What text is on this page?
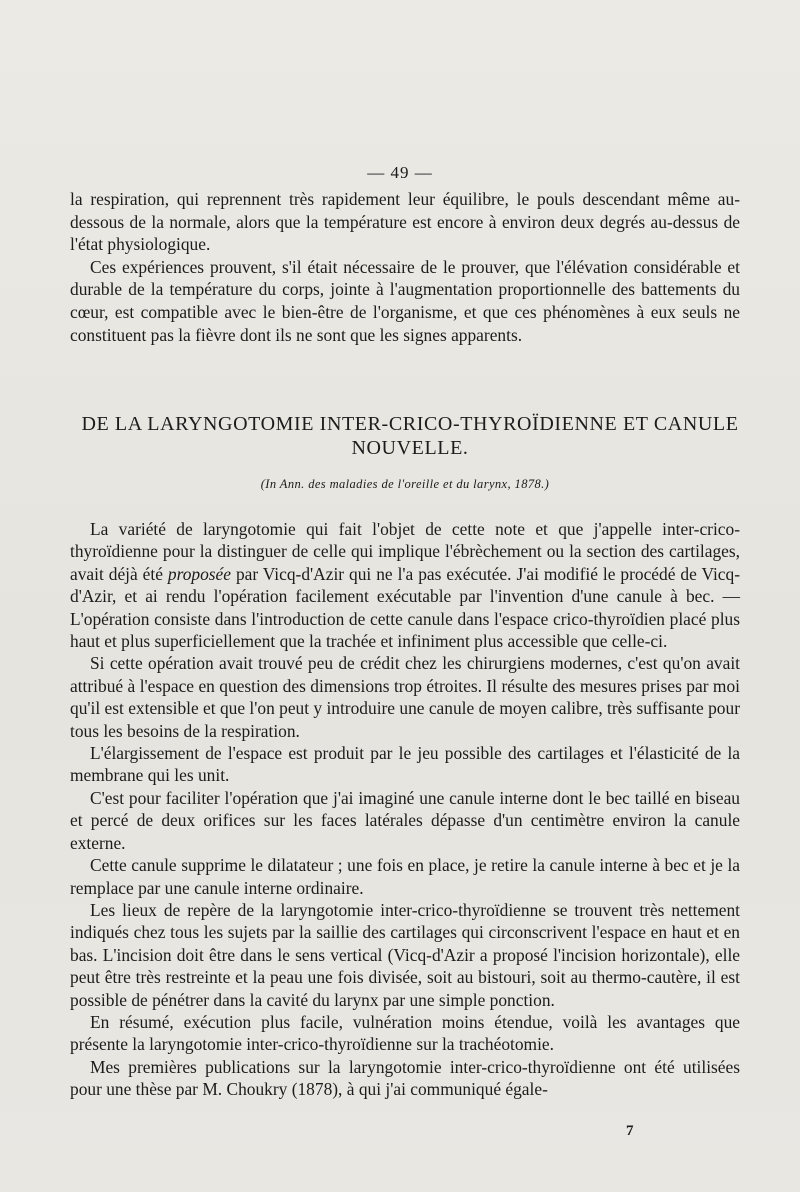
— 49 —

la respiration, qui reprennent très rapidement leur équilibre, le pouls descendant même au-dessous de la normale, alors que la température est encore à environ deux degrés au-dessus de l'état physiologique.

Ces expériences prouvent, s'il était nécessaire de le prouver, que l'élévation considérable et durable de la température du corps, jointe à l'augmentation proportionnelle des battements du cœur, est compatible avec le bien-être de l'organisme, et que ces phénomènes à eux seuls ne constituent pas la fièvre dont ils ne sont que les signes apparents.

DE LA LARYNGOTOMIE INTER-CRICO-THYROÏDIENNE ET CANULE NOUVELLE.
(In Ann. des maladies de l'oreille et du larynx, 1878.)

La variété de laryngotomie qui fait l'objet de cette note et que j'appelle inter-crico-thyroïdienne pour la distinguer de celle qui implique l'ébrèchement ou la section des cartilages, avait déjà été proposée par Vicq-d'Azir qui ne l'a pas exécutée. J'ai modifié le procédé de Vicq-d'Azir, et ai rendu l'opération facilement exécutable par l'invention d'une canule à bec. — L'opération consiste dans l'introduction de cette canule dans l'espace crico-thyroïdien placé plus haut et plus superficiellement que la trachée et infiniment plus accessible que celle-ci.

Si cette opération avait trouvé peu de crédit chez les chirurgiens modernes, c'est qu'on avait attribué à l'espace en question des dimensions trop étroites. Il résulte des mesures prises par moi qu'il est extensible et que l'on peut y introduire une canule de moyen calibre, très suffisante pour tous les besoins de la respiration.

L'élargissement de l'espace est produit par le jeu possible des cartilages et l'élasticité de la membrane qui les unit.

C'est pour faciliter l'opération que j'ai imaginé une canule interne dont le bec taillé en biseau et percé de deux orifices sur les faces latérales dépasse d'un centimètre environ la canule externe.

Cette canule supprime le dilatateur ; une fois en place, je retire la canule interne à bec et je la remplace par une canule interne ordinaire.

Les lieux de repère de la laryngotomie inter-crico-thyroïdienne se trouvent très nettement indiqués chez tous les sujets par la saillie des cartilages qui circonscrivent l'espace en haut et en bas. L'incision doit être dans le sens vertical (Vicq-d'Azir a proposé l'incision horizontale), elle peut être très restreinte et la peau une fois divisée, soit au bistouri, soit au thermo-cautère, il est possible de pénétrer dans la cavité du larynx par une simple ponction.

En résumé, exécution plus facile, vulnération moins étendue, voilà les avantages que présente la laryngotomie inter-crico-thyroïdienne sur la trachéotomie.

Mes premières publications sur la laryngotomie inter-crico-thyroïdienne ont été utilisées pour une thèse par M. Choukry (1878), à qui j'ai communiqué égale-

7
